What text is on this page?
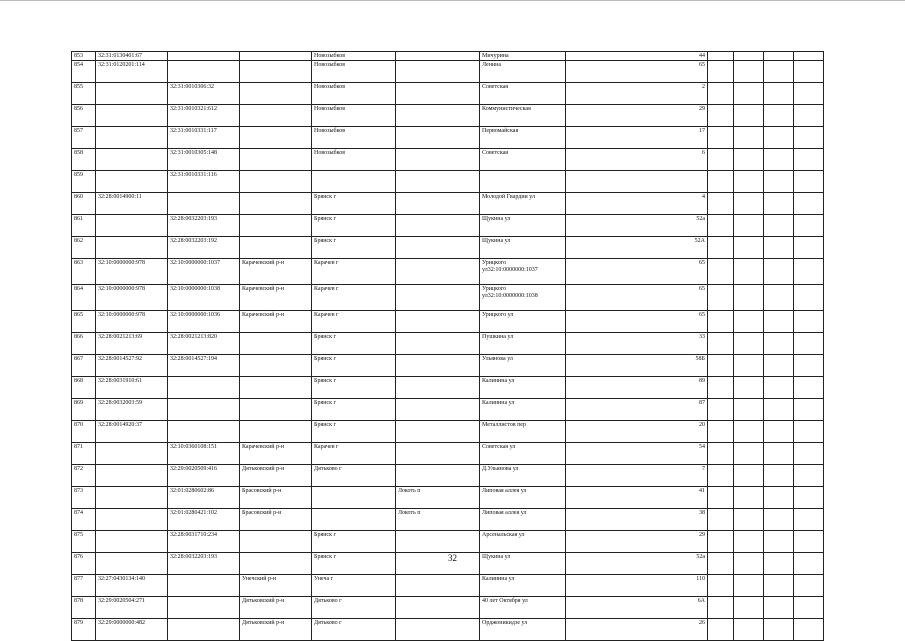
853	32:31:0130401:67			Новозыбков		Мичурина	44				
854	32:31:0120201:114			Новозыбков		Ленина	65				
855		32:31:0010306:32		Новозыбков		Советская	2				
856		32:31:0010321:612		Новозыбков		Коммунистическая	29				
857		32:31:0010331:117		Новозыбков		Первомайская	17				
858		32:31:0010305:148		Новозыбков		Советская	6				
859		32:31:0010331:116									
860	32:28:0014900:11			Брянск г		Молодой Гвардии ул	4				
861		32:28:0032203:193		Брянск г		Щукина ул	52а				
862		32:28:0032203:192		Брянск г		Щукина ул	52А				
863	32:10:0000000:978	32:10:0000000:1037	Карачевский р-н	Карачев г		Урицкого ул32:10:0000000:1037	65				
864	32:10:0000000:978	32:10:0000000:1038	Карачевский р-н	Карачев г		Урицкого ул32:10:0000000:1038	65				
865	32:10:0000000:978	32:10:0000000:1036	Карачевский р-н	Карачев г		Урицкого ул	65				
866	32:28:0021213:69	32:28:0021213:820		Брянск г		Пушкина ул	33				
867	32:28:0014527:92	32:28:0014527:194		Брянск г		Ульянова ул	58Б				
868	32:28:0031910:61			Брянск г		Калинина ул	89				
869	32:28:0032003:59			Брянск г		Калинина ул	87				
870	32:28:0014920:37			Брянск г		Металлистов пер	20				
871		32:10:0360108:151	Карачевский р-н	Карачев г		Советская ул	54				
872		32:29:0020509:416	Дятьковский р-н	Дятьково г		Д.Ульянова ул	7				
873		32:01:0280602:86	Брасовский р-н		Локоть п	Липовая аллея ул	41				
874		32:01:0280421:102	Брасовский р-н		Локоть п	Липовая аллея ул	38				
875		32:28:0031710:234		Брянск г		Арсенальская ул	29				
876		32:28:0032203:193		Брянск г		Щукина ул	52а				
877	32:27:0430134:140		Унечский р-н	Унеча г		Калинина ул	110				
878	32:29:0020504:271		Дятьковский р-н	Дятьково г		40 лет Октября ул	6А				
879	32:29:0000000:482		Дятьковский р-н	Дятьково г		Орджоникидзе ул	26				
32
